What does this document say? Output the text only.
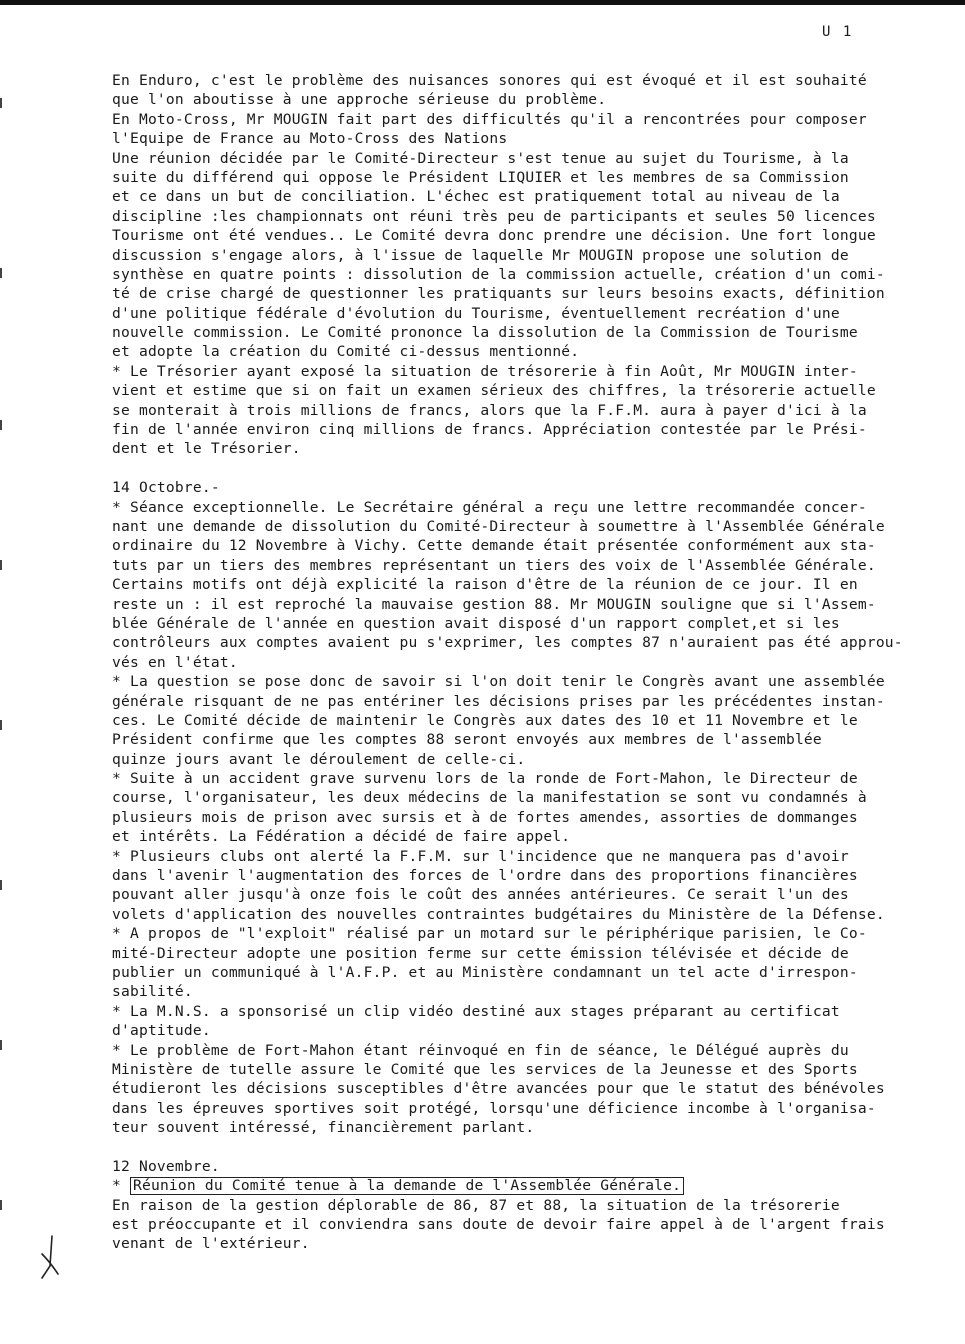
U 1
En Enduro, c'est le problème des nuisances sonores qui est évoqué et il est souhaité
que l'on aboutisse à une approche sérieuse du problème.
En Moto-Cross, Mr MOUGIN fait part des difficultés qu'il a rencontrées pour composer
l'Equipe de France au Moto-Cross des Nations
Une réunion décidée par le Comité-Directeur s'est tenue au sujet du Tourisme, à la
suite du différend qui oppose le Président LIQUIER et les membres de sa Commission
et ce dans un but de conciliation. L'échec est pratiquement total au niveau de la
discipline :les championnats ont réuni très peu de participants et seules 50 licences
Tourisme ont été vendues.. Le Comité devra donc prendre une décision. Une fort longue
discussion s'engage alors, à l'issue de laquelle Mr MOUGIN propose une solution de
synthèse en quatre points : dissolution de la commission actuelle, création d'un comi-
té de crise chargé de questionner les pratiquants sur leurs besoins exacts, définition
d'une politique fédérale d'évolution du Tourisme, éventuellement recréation d'une
nouvelle commission. Le Comité prononce la dissolution de la Commission de Tourisme
et adopte la création du Comité ci-dessus mentionné.
* Le Trésorier ayant exposé la situation de trésorerie à fin Août, Mr MOUGIN inter-
vient et estime que si on fait un examen sérieux des chiffres, la trésorerie actuelle
se monterait à trois millions de francs, alors que la F.F.M. aura à payer d'ici à la
fin de l'année environ cinq millions de francs. Appréciation contestée par le Prési-
dent et le Trésorier.
14 Octobre.-
* Séance exceptionnelle. Le Secrétaire général a reçu une lettre recommandée concer-
nant une demande de dissolution du Comité-Directeur à soumettre à l'Assemblée Générale
ordinaire du 12 Novembre à Vichy. Cette demande était présentée conformément aux sta-
tuts par un tiers des membres représentant un tiers des voix de l'Assemblée Générale.
Certains motifs ont déjà explicité la raison d'être de la réunion de ce jour. Il en
reste un : il est reproché la mauvaise gestion 88. Mr MOUGIN souligne que si l'Assem-
blée Générale de l'année en question avait disposé d'un rapport complet,et si les
contrôleurs aux comptes avaient pu s'exprimer, les comptes 87 n'auraient pas été approu-
vés en l'état.
* La question se pose donc de savoir si l'on doit tenir le Congrès avant une assemblée
générale risquant de ne pas entériner les décisions prises par les précédentes instan-
ces. Le Comité décide de maintenir le Congrès aux dates des 10 et 11 Novembre et le
Président confirme que les comptes 88 seront envoyés aux membres de l'assemblée
quinze jours avant le déroulement de celle-ci.
* Suite à un accident grave survenu lors de la ronde de Fort-Mahon, le Directeur de
course, l'organisateur, les deux médecins de la manifestation se sont vu condamnés à
plusieurs mois de prison avec sursis et à de fortes amendes, assorties de dommanges
et intérêts. La Fédération a décidé de faire appel.
* Plusieurs clubs ont alerté la F.F.M. sur l'incidence que ne manquera pas d'avoir
dans l'avenir l'augmentation des forces de l'ordre dans des proportions financières
pouvant aller jusqu'à onze fois le coût des années antérieures. Ce serait l'un des
volets d'application des nouvelles contraintes budgétaires du Ministère de la Défense.
* A propos de "l'exploit" réalisé par un motard sur le périphérique parisien, le Co-
mité-Directeur adopte une position ferme sur cette émission télévisée et décide de
publier un communiqué à l'A.F.P. et au Ministère condamnant un tel acte d'irrespon-
sabilité.
* La M.N.S. a sponsorisé un clip vidéo destiné aux stages préparant au certificat
d'aptitude.
* Le problème de Fort-Mahon étant réinvoqué en fin de séance, le Délégué auprès du
Ministère de tutelle assure le Comité que les services de la Jeunesse et des Sports
étudieront les décisions susceptibles d'être avancées pour que le statut des bénévoles
dans les épreuves sportives soit protégé, lorsqu'une déficience incombe à l'organisa-
teur souvent intéressé, financièrement parlant.
12 Novembre.
* Réunion du Comité tenue à la demande de l'Assemblée Générale.
En raison de la gestion déplorable de 86, 87 et 88, la situation de la trésorerie
est préoccupante et il conviendra sans doute de devoir faire appel à de l'argent frais
venant de l'extérieur.
